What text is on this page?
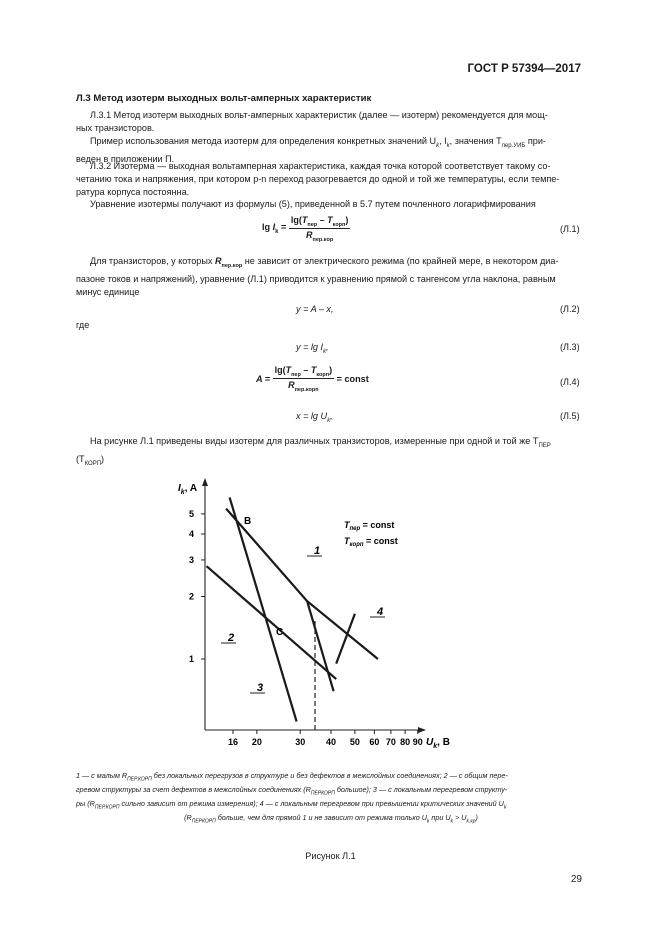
ГОСТ Р 57394—2017
Л.3 Метод изотерм выходных вольт-амперных характеристик
Л.3.1 Метод изотерм выходных вольт-амперных характеристик (далее — изотерм) рекомендуется для мощ-
ных транзисторов.
Пример использования метода изотерм для определения конкретных значений $U_k$, $I_k$, значения $T_{пер.УИБ}$ при-
веден в приложении П.
Л.3.2 Изотерма — выходная вольтамперная характеристика, каждая точка которой соответствует такому со-
четанию тока и напряжения, при котором p-n переход разогревается до одной и той же температуры, если темпе-
ратура корпуса постоянна.
Уравнение изотермы получают из формулы (5), приведенной в 5.7 путем почленного логарифмирования
$\lg I_k = \frac{\lg(T_{пер} - T_{корп})}{R_{пер.кор}}$	(Л.1)
Для транзисторов, у которых $R_{пер.кор}$ не зависит от электрического режима (по крайней мере, в некотором диа-
пазоне токов и напряжений), уравнение (Л.1) приводится к уравнению прямой с тангенсом угла наклона, равным
минус единице
y = A – x,	(Л.2)
где
$y = \lg I_k$,	(Л.3)
$A = \frac{\lg(T_{пер} - T_{корп})}{R_{пер.корп}}$ = const	(Л.4)
$x = \lg U_k$,	(Л.5)
На рисунке Л.1 приведены виды изотерм для различных транзисторов, измеренные при одной и той же $T_{ПЕР}$
$(T_{КОРП})$
5
4
3
2
1
16 20	30 40 50 60 70 80 90
$I_k$, A
$U_k$, B
$T_{пер}$ = const
$T_{корп}$ = const
1
2
3
4
B
C
1 — с малым $R_{ПЕР.КОРП}$ без локальных перегрузов в структуре и без дефектов в межслойных соединениях; 2 — с общим пере-
гревом структуры за счет дефектов в межслойных соединениях ($R_{ПЕРКОРП}$ большое); 3 — с локальным перегревом структу-
ры ($R_{ПЕР.КОРП}$ сильно зависит от режима измерения); 4 — с локальным перегревом при превышении критических значений $U_k$
($R_{ПЕРКОРП}$ больше, чем для прямой 1 и не зависит от режима только $U_k$ при $U_k > U_{k.кр}$)
Рисунок Л.1
29
